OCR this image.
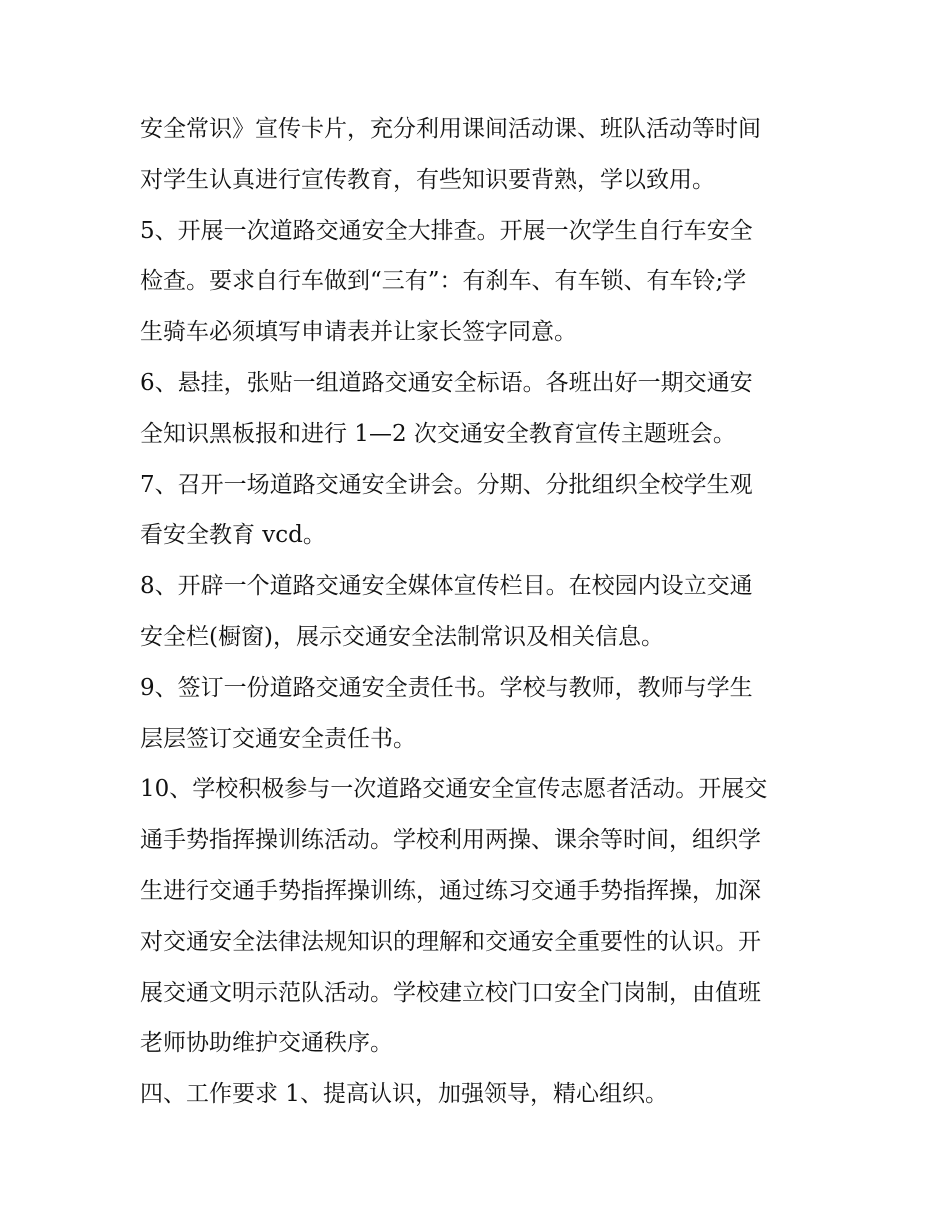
安全常识》宣传卡片，充分利用课间活动课、班队活动等时间
对学生认真进行宣传教育，有些知识要背熟，学以致用。
5、开展一次道路交通安全大排查。开展一次学生自行车安全
检查。要求自行车做到“三有”：有刹车、有车锁、有车铃;学
生骑车必须填写申请表并让家长签字同意。
6、悬挂，张贴一组道路交通安全标语。各班出好一期交通安
全知识黑板报和进行 1—2 次交通安全教育宣传主题班会。
7、召开一场道路交通安全讲会。分期、分批组织全校学生观
看安全教育 vcd。
8、开辟一个道路交通安全媒体宣传栏目。在校园内设立交通
安全栏(橱窗)，展示交通安全法制常识及相关信息。
9、签订一份道路交通安全责任书。学校与教师，教师与学生
层层签订交通安全责任书。
10、学校积极参与一次道路交通安全宣传志愿者活动。开展交
通手势指挥操训练活动。学校利用两操、课余等时间，组织学
生进行交通手势指挥操训练，通过练习交通手势指挥操，加深
对交通安全法律法规知识的理解和交通安全重要性的认识。开
展交通文明示范队活动。学校建立校门口安全门岗制，由值班
老师协助维护交通秩序。
四、工作要求 1、提高认识，加强领导，精心组织。
